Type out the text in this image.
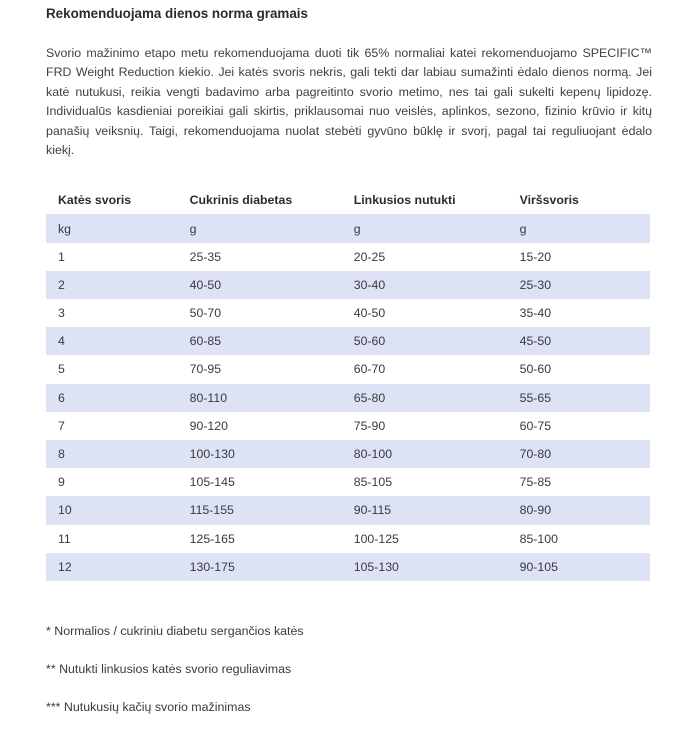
Rekomenduojama dienos norma gramais

Svorio mažinimo etapo metu rekomenduojama duoti tik 65% normaliai katei rekomenduojamo SPECIFIC™ FRD Weight Reduction kiekio. Jei katės svoris nekris, gali tekti dar labiau sumažinti ėdalo dienos normą. Jei katė nutukusi, reikia vengti badavimo arba pagreitinto svorio metimo, nes tai gali sukelti kepenų lipidozę. Individualūs kasdieniai poreikiai gali skirtis, priklausomai nuo veislės, aplinkos, sezono, fizinio krūvio ir kitų panašių veiksnių. Taigi, rekomenduojama nuolat stebėti gyvūno būklę ir svorį, pagal tai reguliuojant ėdalo kiekį.

Katės svoris	Cukrinis diabetas	Linkusios nutukti	Viršsvoris
kg	g	g	g
1	25-35	20-25	15-20
2	40-50	30-40	25-30
3	50-70	40-50	35-40
4	60-85	50-60	45-50
5	70-95	60-70	50-60
6	80-110	65-80	55-65
7	90-120	75-90	60-75
8	100-130	80-100	70-80
9	105-145	85-105	75-85
10	115-155	90-115	80-90
11	125-165	100-125	85-100
12	130-175	105-130	90-105
* Normalios / cukriniu diabetu sergančios katės
** Nutukti linkusios katės svorio reguliavimas
*** Nutukusių kačių svorio mažinimas
